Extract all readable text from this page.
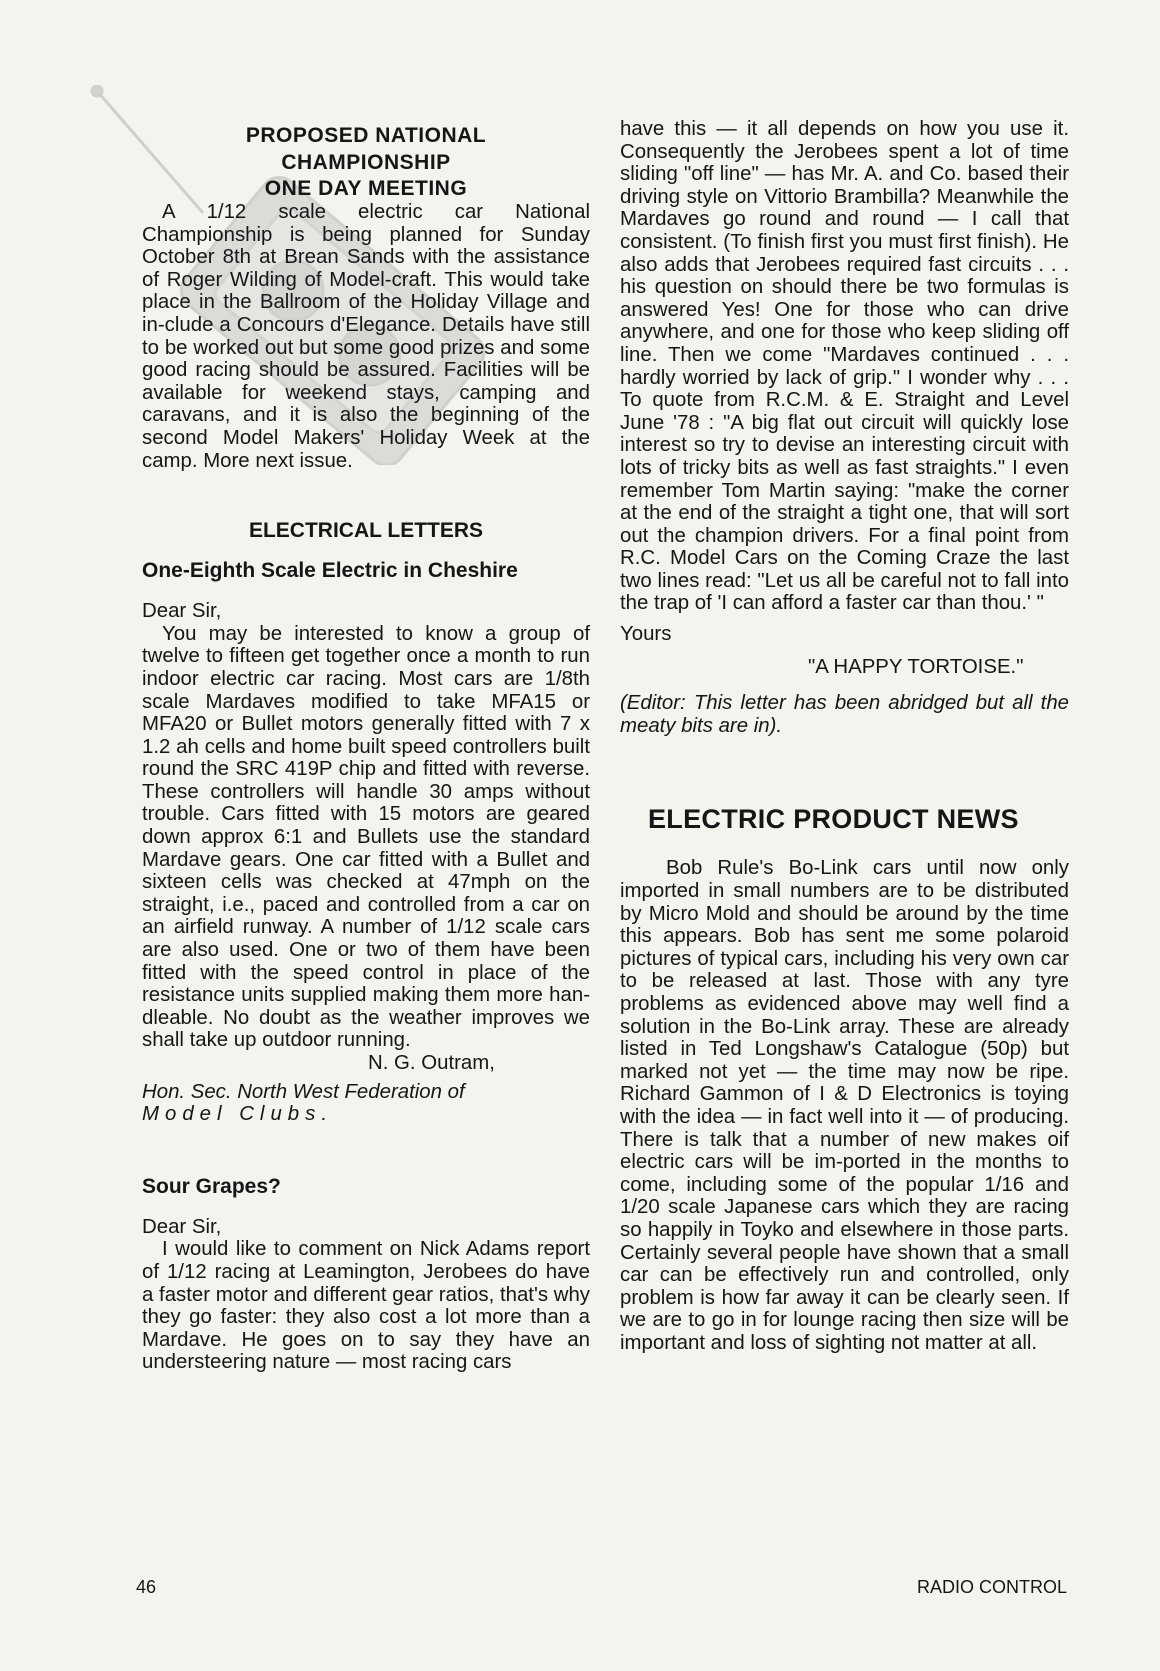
PROPOSED NATIONAL

CHAMPIONSHIP

ONE DAY MEETING

A 1/12 scale electric car National Championship is being planned for Sunday October 8th at Brean Sands with the assistance of Roger Wilding of Model-craft. This would take place in the Ballroom of the Holiday Village and in-clude a Concours d'Elegance. Details have still to be worked out but some good prizes and some good racing should be assured. Facilities will be available for weekend stays, camping and caravans, and it is also the beginning of the second Model Makers' Holiday Week at the camp. More next issue.

ELECTRICAL LETTERS

One-Eighth Scale Electric in Cheshire

Dear Sir,

You may be interested to know a group of twelve to fifteen get together once a month to run indoor electric car racing. Most cars are 1/8th scale Mardaves modified to take MFA15 or MFA20 or Bullet motors generally fitted with 7 x 1.2 ah cells and home built speed controllers built round the SRC 419P chip and fitted with reverse. These controllers will handle 30 amps without trouble. Cars fitted with 15 motors are geared down approx 6:1 and Bullets use the standard Mardave gears. One car fitted with a Bullet and sixteen cells was checked at 47mph on the straight, i.e., paced and controlled from a car on an airfield runway. A number of 1/12 scale cars are also used. One or two of them have been fitted with the speed control in place of the resistance units supplied making them more han-dleable. No doubt as the weather improves we shall take up outdoor running.

N. G. Outram,

Hon. Sec. North West Federation of

Model Clubs.

Sour Grapes?

Dear Sir,

I would like to comment on Nick Adams report of 1/12 racing at Leamington, Jerobees do have a faster motor and different gear ratios, that's why they go faster: they also cost a lot more than a Mardave. He goes on to say they have an understeering nature — most racing cars

have this — it all depends on how you use it. Consequently the Jerobees spent a lot of time sliding "off line" — has Mr. A. and Co. based their driving style on Vittorio Brambilla? Meanwhile the Mardaves go round and round — I call that consistent. (To finish first you must first finish). He also adds that Jerobees required fast circuits . . . his question on should there be two formulas is answered Yes! One for those who can drive anywhere, and one for those who keep sliding off line. Then we come "Mardaves continued . . . hardly worried by lack of grip." I wonder why . . . To quote from R.C.M. & E. Straight and Level June '78 : "A big flat out circuit will quickly lose interest so try to devise an interesting circuit with lots of tricky bits as well as fast straights." I even remember Tom Martin saying: "make the corner at the end of the straight a tight one, that will sort out the champion drivers. For a final point from R.C. Model Cars on the Coming Craze the last two lines read: "Let us all be careful not to fall into the trap of 'I can afford a faster car than thou.' "

Yours

"A HAPPY TORTOISE."

(Editor: This letter has been abridged but all the meaty bits are in).

ELECTRIC PRODUCT NEWS

Bob Rule's Bo-Link cars until now only imported in small numbers are to be distributed by Micro Mold and should be around by the time this appears. Bob has sent me some polaroid pictures of typical cars, including his very own car to be released at last. Those with any tyre problems as evidenced above may well find a solution in the Bo-Link array. These are already listed in Ted Longshaw's Catalogue (50p) but marked not yet — the time may now be ripe. Richard Gammon of I & D Electronics is toying with the idea — in fact well into it — of producing. There is talk that a number of new makes oif electric cars will be im-ported in the months to come, including some of the popular 1/16 and 1/20 scale Japanese cars which they are racing so happily in Toyko and elsewhere in those parts. Certainly several people have shown that a small car can be effectively run and controlled, only problem is how far away it can be clearly seen. If we are to go in for lounge racing then size will be important and loss of sighting not matter at all.

46	RADIO CONTROL
